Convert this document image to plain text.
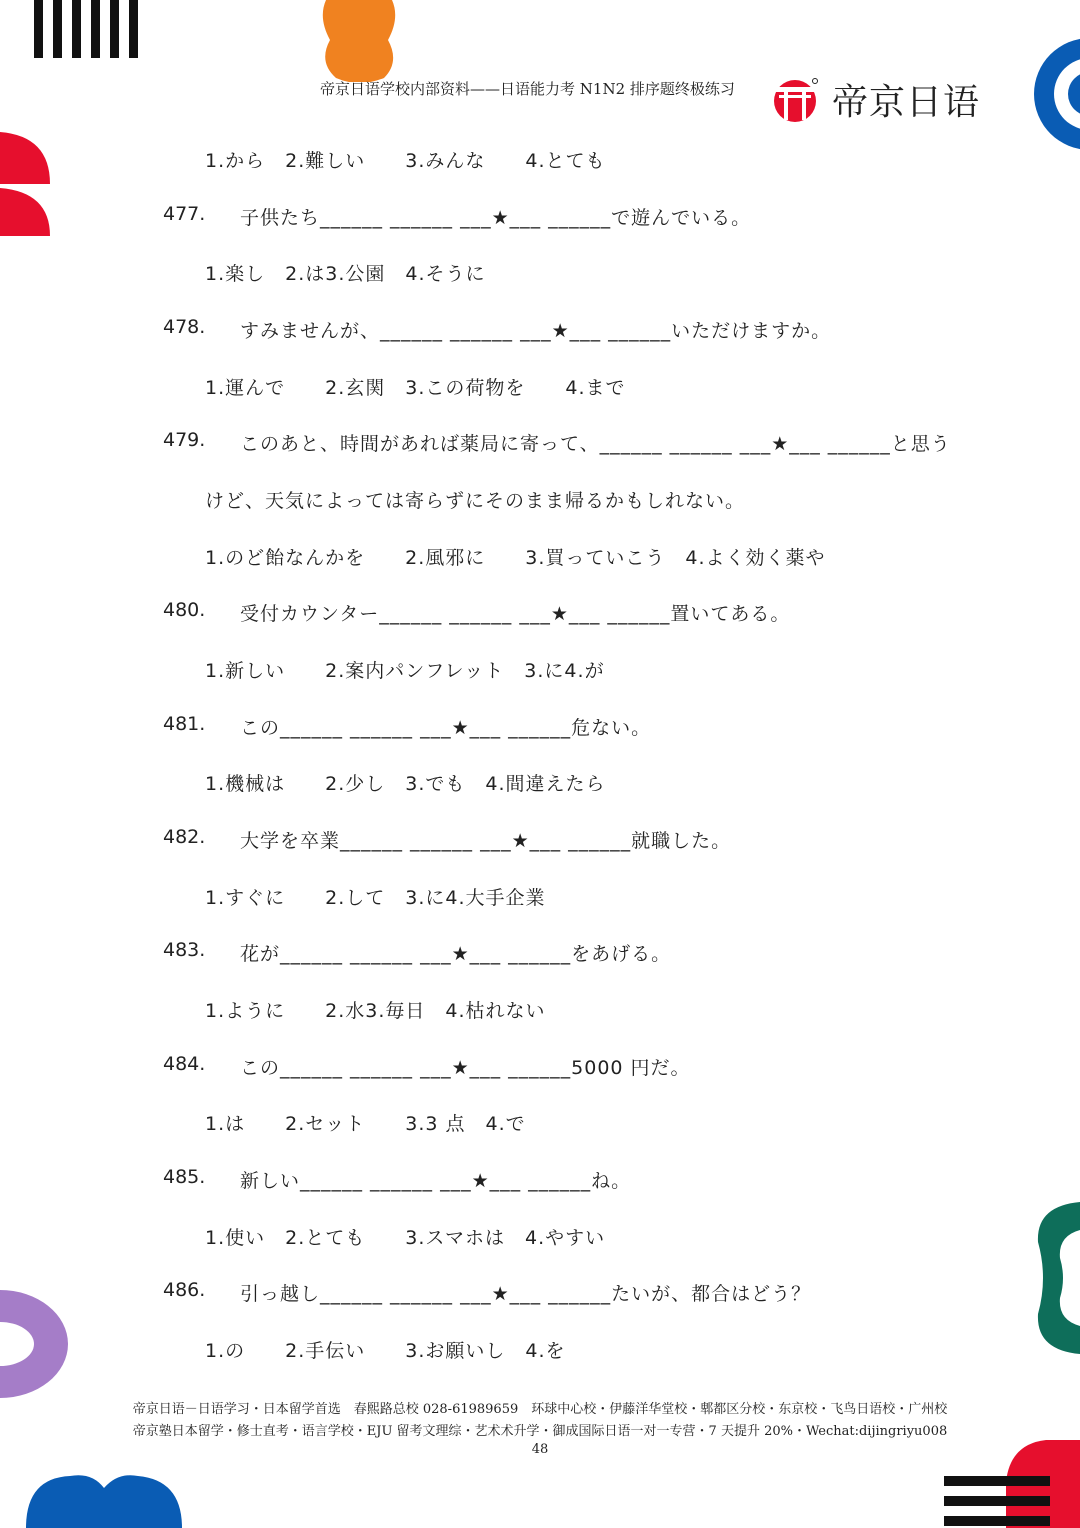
帝京日语学校内部资料——日语能力考 N1N2 排序题终极练习	帝京日语
1.から　2.難しい　　3.みんな　　4.とても
477. 子供たち______ ______ ___★___ ______で遊んでいる。
1.楽し　2.は3.公園　4.そうに
478. すみませんが、______ ______ ___★___ ______いただけますか。
1.運んで　　2.玄関　3.この荷物を　　4.まで
479. このあと、時間があれば薬局に寄って、______ ______ ___★___ ______と思う
けど、天気によっては寄らずにそのまま帰るかもしれない。
1.のど飴なんかを　　2.風邪に　　3.買っていこう　4.よく効く薬や
480. 受付カウンター______ ______ ___★___ ______置いてある。
1.新しい　　2.案内パンフレット　3.に4.が
481. この______ ______ ___★___ ______危ない。
1.機械は　　2.少し　3.でも　4.間違えたら
482. 大学を卒業______ ______ ___★___ ______就職した。
1.すぐに　　2.して　3.に4.大手企業
483. 花が______ ______ ___★___ ______をあげる。
1.ように　　2.水3.毎日　4.枯れない
484. この______ ______ ___★___ ______5000 円だ。
1.は　　2.セット　　3.3 点　4.で
485. 新しい______ ______ ___★___ ______ね。
1.使い　2.とても　　3.スマホは　4.やすい
486. 引っ越し______ ______ ___★___ ______たいが、都合はどう？
1.の　　2.手伝い　　3.お願いし　4.を
帝京日语－日语学习・日本留学首选　春熙路总校 028-61989659　环球中心校・伊藤洋华堂校・郫都区分校・东京校・飞鸟日语校・广州校
帝京塾日本留学・修士直考・语言学校・EJU 留考文理综・艺术术升学・御成国际日语一对一专营・7 天提升 20%・Wechat:dijingriyu008
48
